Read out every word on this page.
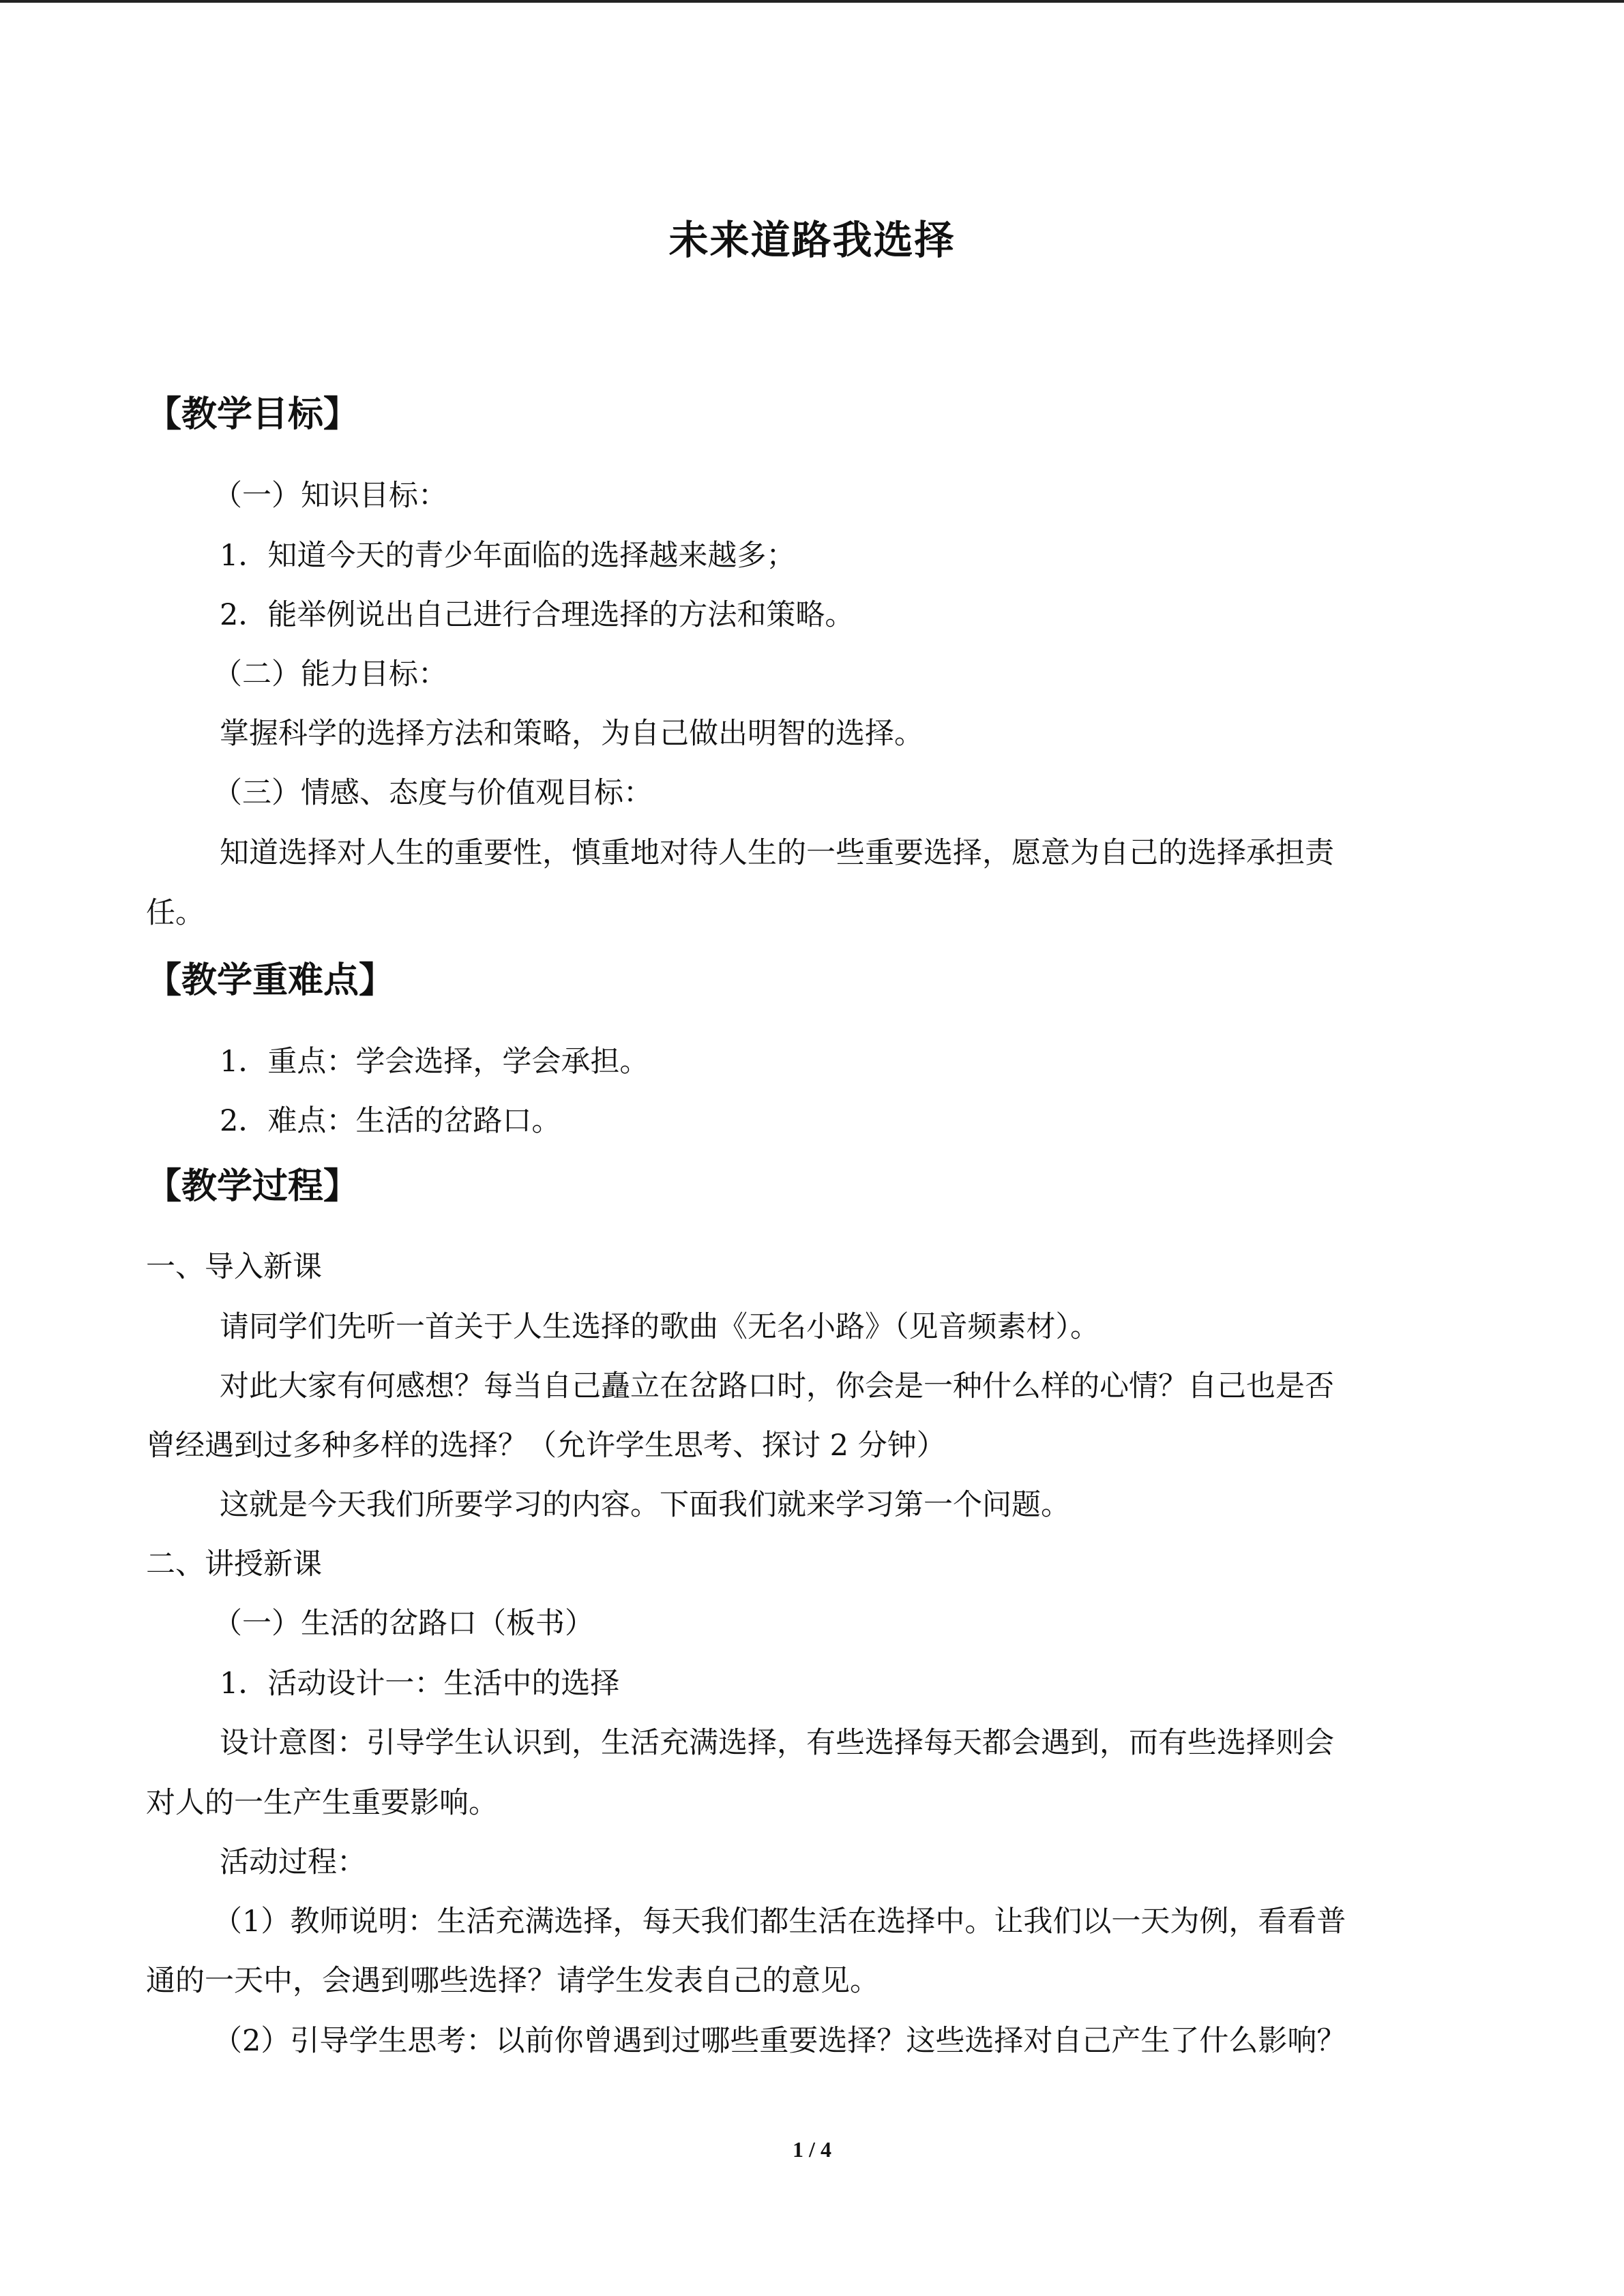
未来道路我选择
【教学目标】
（一）知识目标：
1．知道今天的青少年面临的选择越来越多；
2．能举例说出自己进行合理选择的方法和策略。
（二）能力目标：
掌握科学的选择方法和策略，为自己做出明智的选择。
（三）情感、态度与价值观目标：
知道选择对人生的重要性，慎重地对待人生的一些重要选择，愿意为自己的选择承担责
任。
【教学重难点】
1．重点：学会选择，学会承担。
2．难点：生活的岔路口。
【教学过程】
一、导入新课
请同学们先听一首关于人生选择的歌曲《无名小路》（见音频素材）。
对此大家有何感想？每当自己矗立在岔路口时，你会是一种什么样的心情？自己也是否
曾经遇到过多种多样的选择？（允许学生思考、探讨 2 分钟）
这就是今天我们所要学习的内容。下面我们就来学习第一个问题。
二、讲授新课
（一）生活的岔路口（板书）
1．活动设计一：生活中的选择
设计意图：引导学生认识到，生活充满选择，有些选择每天都会遇到，而有些选择则会
对人的一生产生重要影响。
活动过程：
（1）教师说明：生活充满选择，每天我们都生活在选择中。让我们以一天为例，看看普
通的一天中，会遇到哪些选择？请学生发表自己的意见。
（2）引导学生思考：以前你曾遇到过哪些重要选择？这些选择对自己产生了什么影响？
1 / 4
